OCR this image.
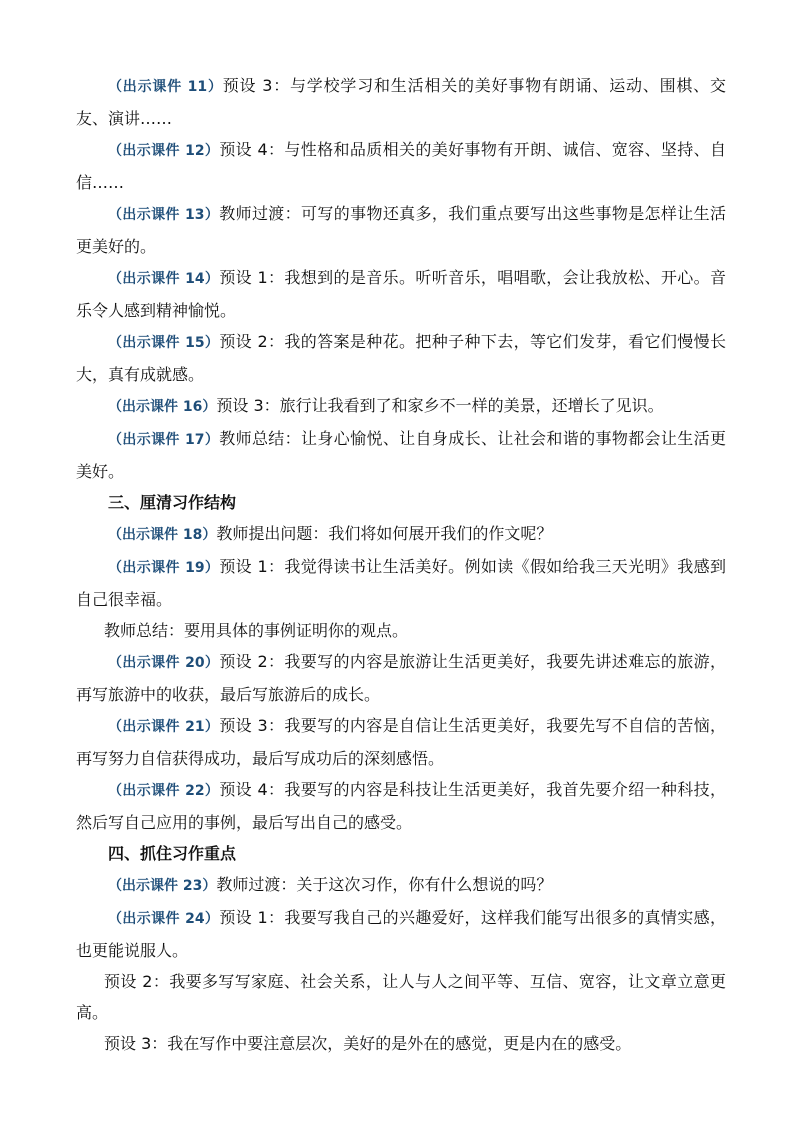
（出示课件 11）预设 3：与学校学习和生活相关的美好事物有朗诵、运动、围棋、交友、演讲……

（出示课件 12）预设 4：与性格和品质相关的美好事物有开朗、诚信、宽容、坚持、自信……

（出示课件 13）教师过渡：可写的事物还真多，我们重点要写出这些事物是怎样让生活更美好的。

（出示课件 14）预设 1：我想到的是音乐。听听音乐，唱唱歌，会让我放松、开心。音乐令人感到精神愉悦。

（出示课件 15）预设 2：我的答案是种花。把种子种下去，等它们发芽，看它们慢慢长大，真有成就感。

（出示课件 16）预设 3：旅行让我看到了和家乡不一样的美景，还增长了见识。

（出示课件 17）教师总结：让身心愉悦、让自身成长、让社会和谐的事物都会让生活更美好。

三、厘清习作结构

（出示课件 18）教师提出问题：我们将如何展开我们的作文呢？

（出示课件 19）预设 1：我觉得读书让生活美好。例如读《假如给我三天光明》我感到自己很幸福。

教师总结：要用具体的事例证明你的观点。

（出示课件 20）预设 2：我要写的内容是旅游让生活更美好，我要先讲述难忘的旅游，再写旅游中的收获，最后写旅游后的成长。

（出示课件 21）预设 3：我要写的内容是自信让生活更美好，我要先写不自信的苦恼，再写努力自信获得成功，最后写成功后的深刻感悟。

（出示课件 22）预设 4：我要写的内容是科技让生活更美好，我首先要介绍一种科技，然后写自己应用的事例，最后写出自己的感受。

四、抓住习作重点

（出示课件 23）教师过渡：关于这次习作，你有什么想说的吗？

（出示课件 24）预设 1：我要写我自己的兴趣爱好，这样我们能写出很多的真情实感，也更能说服人。

预设 2：我要多写写家庭、社会关系，让人与人之间平等、互信、宽容，让文章立意更高。

预设 3：我在写作中要注意层次，美好的是外在的感觉，更是内在的感受。
